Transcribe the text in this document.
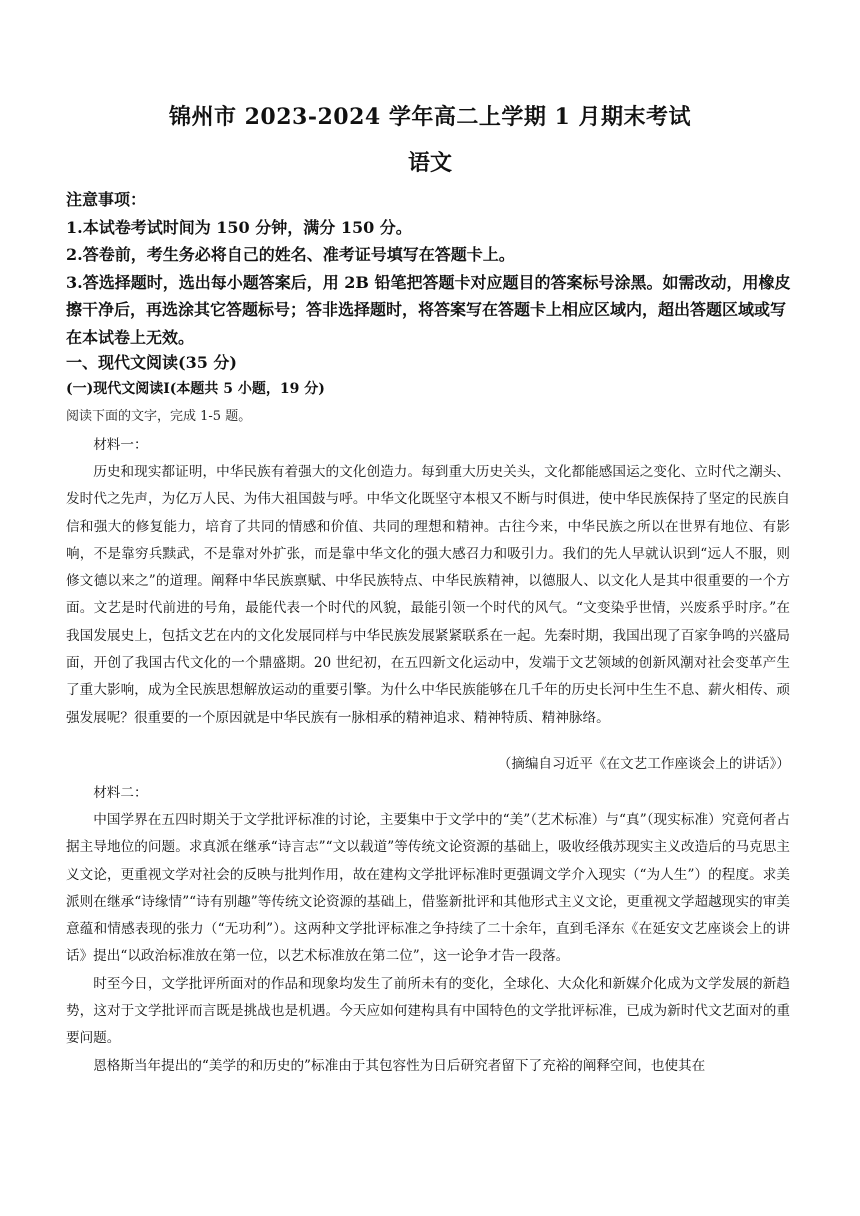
锦州市 2023-2024 学年高二上学期 1 月期末考试
语文

注意事项：

1.本试卷考试时间为 150 分钟，满分 150 分。

2.答卷前，考生务必将自己的姓名、准考证号填写在答题卡上。

3.答选择题时，选出每小题答案后，用 2B 铅笔把答题卡对应题目的答案标号涂黑。如需改动，用橡皮擦干净后，再选涂其它答题标号；答非选择题时，将答案写在答题卡上相应区域内，超出答题区域或写在本试卷上无效。

一、现代文阅读(35 分)
(一)现代文阅读Ⅰ(本题共 5 小题，19 分)
阅读下面的文字，完成 1-5 题。

材料一：

历史和现实都证明，中华民族有着强大的文化创造力。每到重大历史关头，文化都能感国运之变化、立时代之潮头、发时代之先声，为亿万人民、为伟大祖国鼓与呼。中华文化既坚守本根又不断与时俱进，使中华民族保持了坚定的民族自信和强大的修复能力，培育了共同的情感和价值、共同的理想和精神。古往今来，中华民族之所以在世界有地位、有影响，不是靠穷兵黩武，不是靠对外扩张，而是靠中华文化的强大感召力和吸引力。我们的先人早就认识到“远人不服，则修文德以来之”的道理。阐释中华民族禀赋、中华民族特点、中华民族精神，以德服人、以文化人是其中很重要的一个方面。文艺是时代前进的号角，最能代表一个时代的风貌，最能引领一个时代的风气。“文变染乎世情，兴废系乎时序。”在我国发展史上，包括文艺在内的文化发展同样与中华民族发展紧紧联系在一起。先秦时期，我国出现了百家争鸣的兴盛局面，开创了我国古代文化的一个鼎盛期。20 世纪初，在五四新文化运动中，发端于文艺领域的创新风潮对社会变革产生了重大影响，成为全民族思想解放运动的重要引擎。为什么中华民族能够在几千年的历史长河中生生不息、薪火相传、顽强发展呢？很重要的一个原因就是中华民族有一脉相承的精神追求、精神特质、精神脉络。

（摘编自习近平《在文艺工作座谈会上的讲话》）

材料二：

中国学界在五四时期关于文学批评标准的讨论，主要集中于文学中的“美”（艺术标准）与“真”（现实标准）究竟何者占据主导地位的问题。求真派在继承“诗言志”“文以载道”等传统文论资源的基础上，吸收经俄苏现实主义改造后的马克思主义文论，更重视文学对社会的反映与批判作用，故在建构文学批评标准时更强调文学介入现实（“为人生”）的程度。求美派则在继承“诗缘情”“诗有别趣”等传统文论资源的基础上，借鉴新批评和其他形式主义文论，更重视文学超越现实的审美意蕴和情感表现的张力（“无功利”）。这两种文学批评标准之争持续了二十余年，直到毛泽东《在延安文艺座谈会上的讲话》提出“以政治标准放在第一位，以艺术标准放在第二位”，这一论争才告一段落。

时至今日，文学批评所面对的作品和现象均发生了前所未有的变化，全球化、大众化和新媒介化成为文学发展的新趋势，这对于文学批评而言既是挑战也是机遇。今天应如何建构具有中国特色的文学批评标准，已成为新时代文艺面对的重要问题。

恩格斯当年提出的“美学的和历史的”标准由于其包容性为日后研究者留下了充裕的阐释空间，也使其在
